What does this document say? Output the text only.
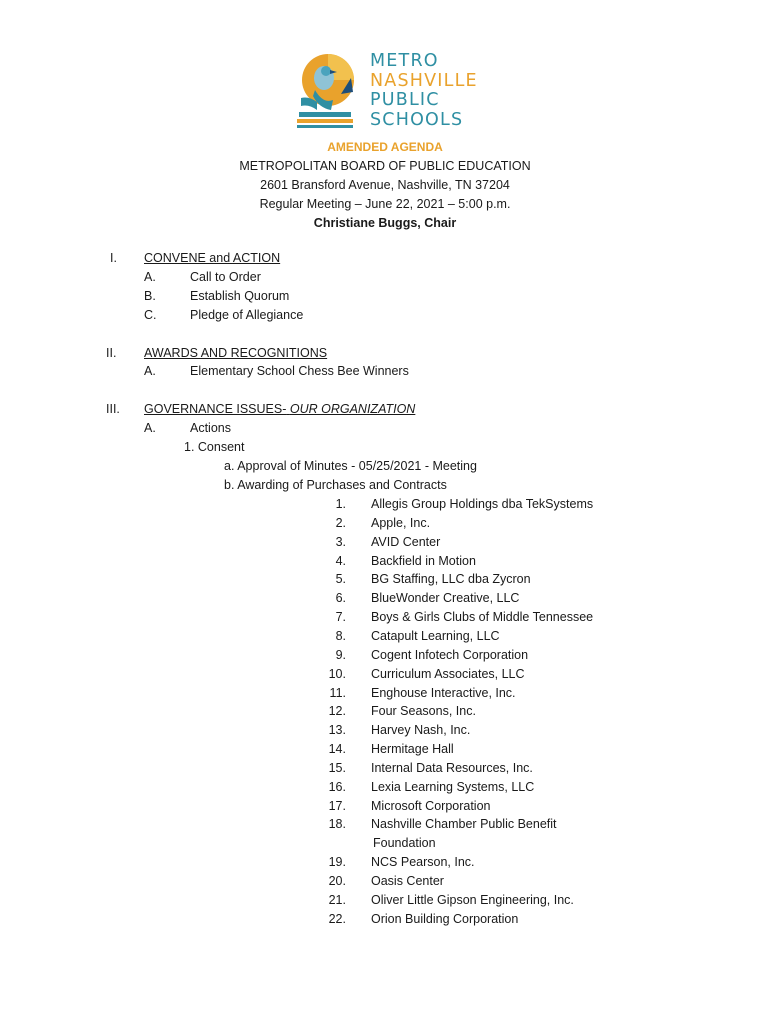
METRO
NASHVILLE
PUBLIC
SCHOOLS
AMENDED AGENDA
METROPOLITAN BOARD OF PUBLIC EDUCATION
2601 Bransford Avenue, Nashville, TN 37204
Regular Meeting – June 22, 2021 – 5:00 p.m.
Christiane Buggs, Chair
I. CONVENE and ACTION
A.	Call to Order
B.	Establish Quorum
C.	Pledge of Allegiance
II. AWARDS AND RECOGNITIONS
A.	Elementary School Chess Bee Winners
III. GOVERNANCE ISSUES- OUR ORGANIZATION
A.	Actions
1. Consent
a. Approval of Minutes - 05/25/2021 - Meeting
b. Awarding of Purchases and Contracts
1. Allegis Group Holdings dba TekSystems
2. Apple, Inc.
3. AVID Center
4. Backfield in Motion
5. BG Staffing, LLC dba Zycron
6. BlueWonder Creative, LLC
7. Boys & Girls Clubs of Middle Tennessee
8. Catapult Learning, LLC
9. Cogent Infotech Corporation
10. Curriculum Associates, LLC
11. Enghouse Interactive, Inc.
12. Four Seasons, Inc.
13. Harvey Nash, Inc.
14. Hermitage Hall
15. Internal Data Resources, Inc.
16. Lexia Learning Systems, LLC
17. Microsoft Corporation
18. Nashville Chamber Public Benefit
Foundation
19. NCS Pearson, Inc.
20. Oasis Center
21. Oliver Little Gipson Engineering, Inc.
22. Orion Building Corporation
